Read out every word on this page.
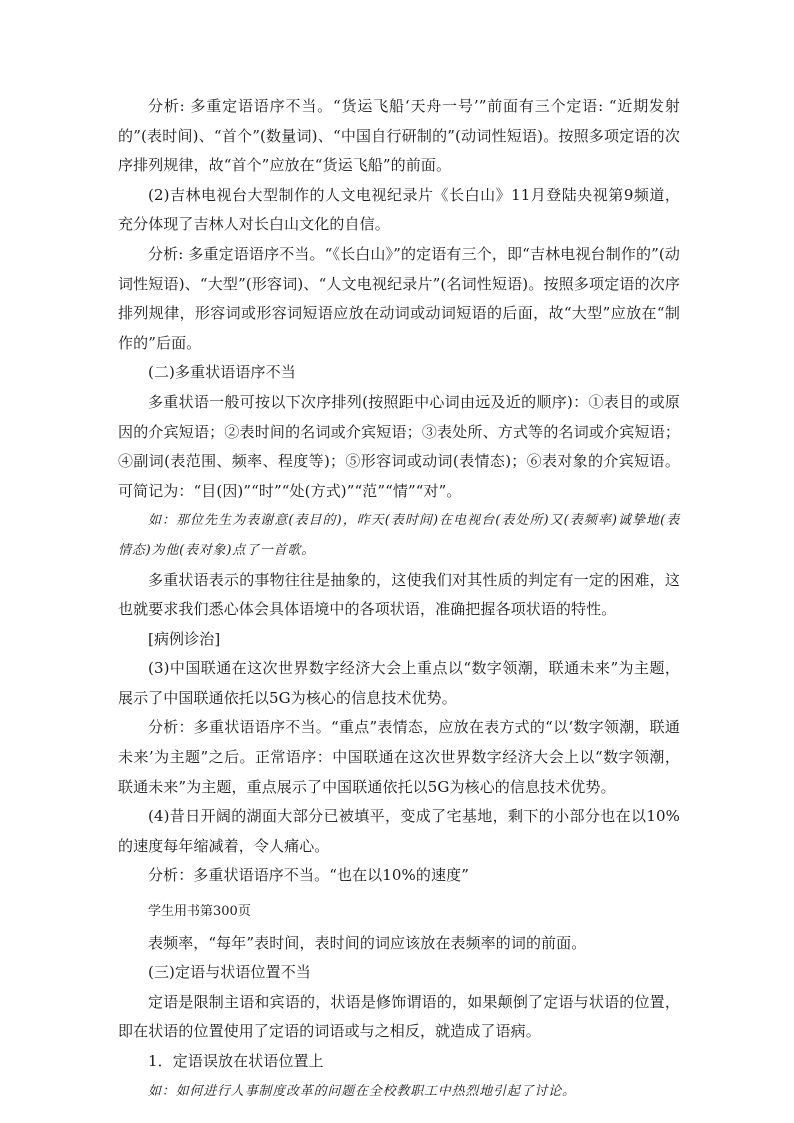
分析: 多重定语语序不当。“货运飞船‘天舟一号’”前面有三个定语: “近期发射的”(表时间)、“首个”(数量词)、“中国自行研制的”(动词性短语)。按照多项定语的次序排列规律，故“首个”应放在“货运飞船”的前面。

(2)吉林电视台大型制作的人文电视纪录片《长白山》11月登陆央视第9频道，充分体现了吉林人对长白山文化的自信。

分析: 多重定语语序不当。“《长白山》”的定语有三个，即“吉林电视台制作的”(动词性短语)、“大型”(形容词)、“人文电视纪录片”(名词性短语)。按照多项定语的次序排列规律，形容词或形容词短语应放在动词或动词短语的后面，故“大型”应放在“制作的”后面。

(二)多重状语语序不当

多重状语一般可按以下次序排列(按照距中心词由远及近的顺序)：①表目的或原因的介宾短语；②表时间的名词或介宾短语；③表处所、方式等的名词或介宾短语；④副词(表范围、频率、程度等)；⑤形容词或动词(表情态)；⑥表对象的介宾短语。可简记为：“目(因)”“时”“处(方式)”“范”“情”“对”。

如：那位先生为表谢意(表目的)，昨天(表时间)在电视台(表处所)又(表频率)诚挚地(表情态)为他(表对象)点了一首歌。

多重状语表示的事物往往是抽象的，这使我们对其性质的判定有一定的困难，这也就要求我们悉心体会具体语境中的各项状语，准确把握各项状语的特性。

[病例诊治]

(3)中国联通在这次世界数字经济大会上重点以“数字领潮，联通未来”为主题，展示了中国联通依托以5G为核心的信息技术优势。

分析：多重状语语序不当。“重点”表情态，应放在表方式的“以‘数字领潮，联通未来’为主题”之后。正常语序：中国联通在这次世界数字经济大会上以“数字领潮，联通未来”为主题，重点展示了中国联通依托以5G为核心的信息技术优势。

(4)昔日开阔的湖面大部分已被填平，变成了宅基地，剩下的小部分也在以10%的速度每年缩减着，令人痛心。

分析：多重状语语序不当。“也在以10%的速度”

学生用书第300页

表频率，“每年”表时间，表时间的词应该放在表频率的词的前面。

(三)定语与状语位置不当

定语是限制主语和宾语的，状语是修饰谓语的，如果颠倒了定语与状语的位置，即在状语的位置使用了定语的词语或与之相反，就造成了语病。

1．定语误放在状语位置上

如：如何进行人事制度改革的问题在全校教职工中热烈地引起了讨论。
